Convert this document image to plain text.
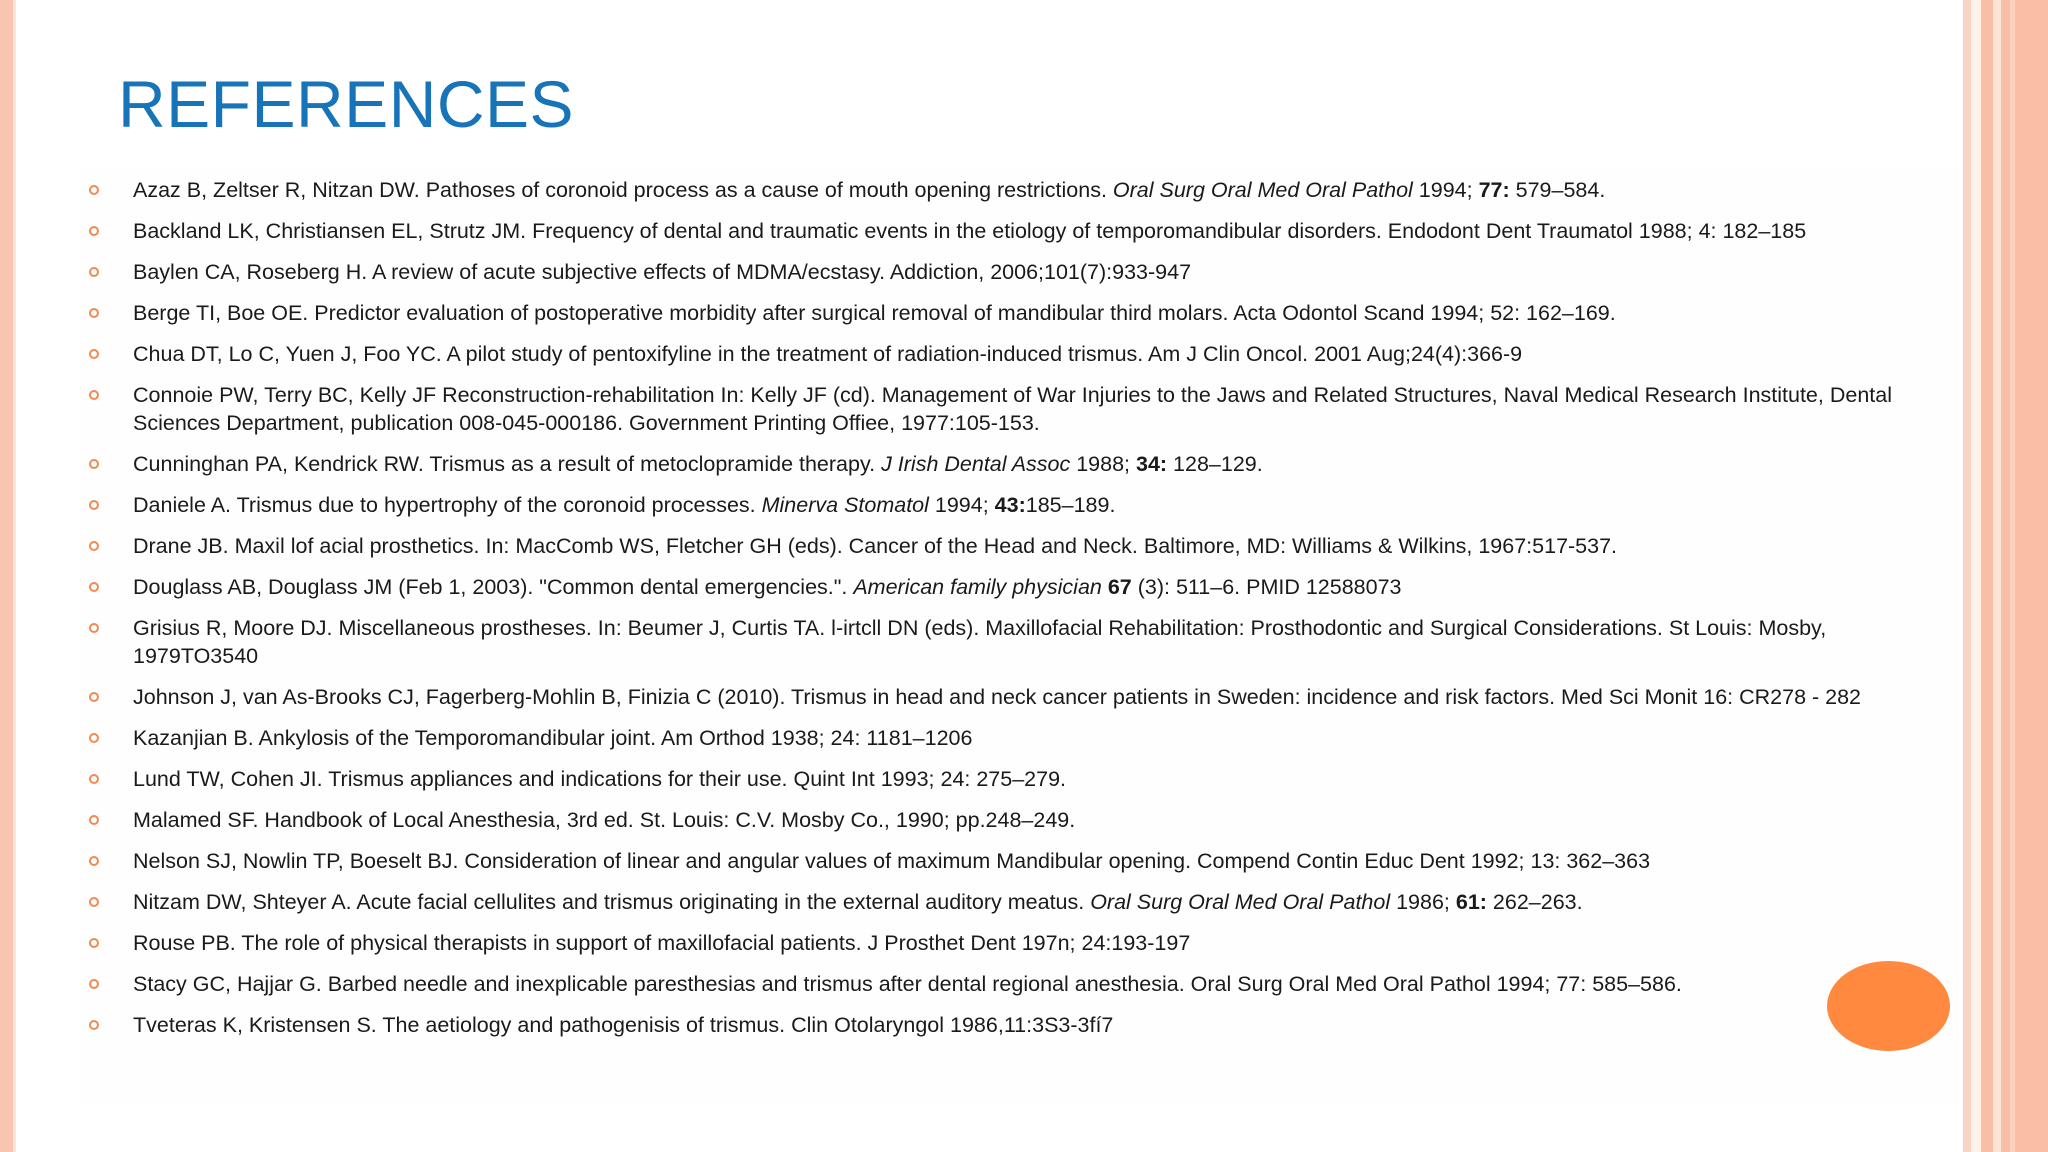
REFERENCES
Azaz B, Zeltser R, Nitzan DW. Pathoses of coronoid process as a cause of mouth opening restrictions. Oral Surg Oral Med Oral Pathol 1994; 77: 579–584.
Backland LK, Christiansen EL, Strutz JM. Frequency of dental and traumatic events in the etiology of temporomandibular disorders. Endodont Dent Traumatol 1988; 4: 182–185
Baylen CA, Roseberg H. A review of acute subjective effects of MDMA/ecstasy. Addiction, 2006;101(7):933-947
Berge TI, Boe OE. Predictor evaluation of postoperative morbidity after surgical removal of mandibular third molars. Acta Odontol Scand 1994; 52: 162–169.
Chua DT, Lo C, Yuen J, Foo YC. A pilot study of pentoxifyline in the treatment of radiation-induced trismus. Am J Clin Oncol. 2001 Aug;24(4):366-9
Connoie PW, Terry BC, Kelly JF Reconstruction-rehabilitation In: Kelly JF (cd). Management of War Injuries to the Jaws and Related Structures, Naval Medical Research Institute, Dental Sciences Department, publication 008-045-000186. Government Printing Offiee, 1977:105-153.
Cunninghan PA, Kendrick RW. Trismus as a result of metoclopramide therapy. J Irish Dental Assoc 1988; 34: 128–129.
Daniele A. Trismus due to hypertrophy of the coronoid processes. Minerva Stomatol 1994; 43:185–189.
Drane JB. Maxil lof acial prosthetics. In: MacComb WS, Fletcher GH (eds). Cancer of the Head and Neck. Baltimore, MD: Williams & Wilkins, 1967:517-537.
Douglass AB, Douglass JM (Feb 1, 2003). "Common dental emergencies.". American family physician 67 (3): 511–6. PMID 12588073
Grisius R, Moore DJ. Miscellaneous prostheses. In: Beumer J, Curtis TA. l-irtcll DN (eds). Maxillofacial Rehabilitation: Prosthodontic and Surgical Considerations. St Louis: Mosby, 1979TO3540
Johnson J, van As-Brooks CJ, Fagerberg-Mohlin B, Finizia C (2010). Trismus in head and neck cancer patients in Sweden: incidence and risk factors. Med Sci Monit 16: CR278 - 282
Kazanjian B. Ankylosis of the Temporomandibular joint. Am Orthod 1938; 24: 1181–1206
Lund TW, Cohen JI. Trismus appliances and indications for their use. Quint Int 1993; 24: 275–279.
Malamed SF. Handbook of Local Anesthesia, 3rd ed. St. Louis: C.V. Mosby Co., 1990; pp.248–249.
Nelson SJ, Nowlin TP, Boeselt BJ. Consideration of linear and angular values of maximum Mandibular opening. Compend Contin Educ Dent 1992; 13: 362–363
Nitzam DW, Shteyer A. Acute facial cellulites and trismus originating in the external auditory meatus. Oral Surg Oral Med Oral Pathol 1986; 61: 262–263.
Rouse PB. The role of physical therapists in support of maxillofacial patients. J Prosthet Dent 197n; 24:193-197
Stacy GC, Hajjar G. Barbed needle and inexplicable paresthesias and trismus after dental regional anesthesia. Oral Surg Oral Med Oral Pathol 1994; 77: 585–586.
Tveteras K, Kristensen S. The aetiology and pathogenisis of trismus. Clin Otolaryngol 1986,11:3S3-3fí7
